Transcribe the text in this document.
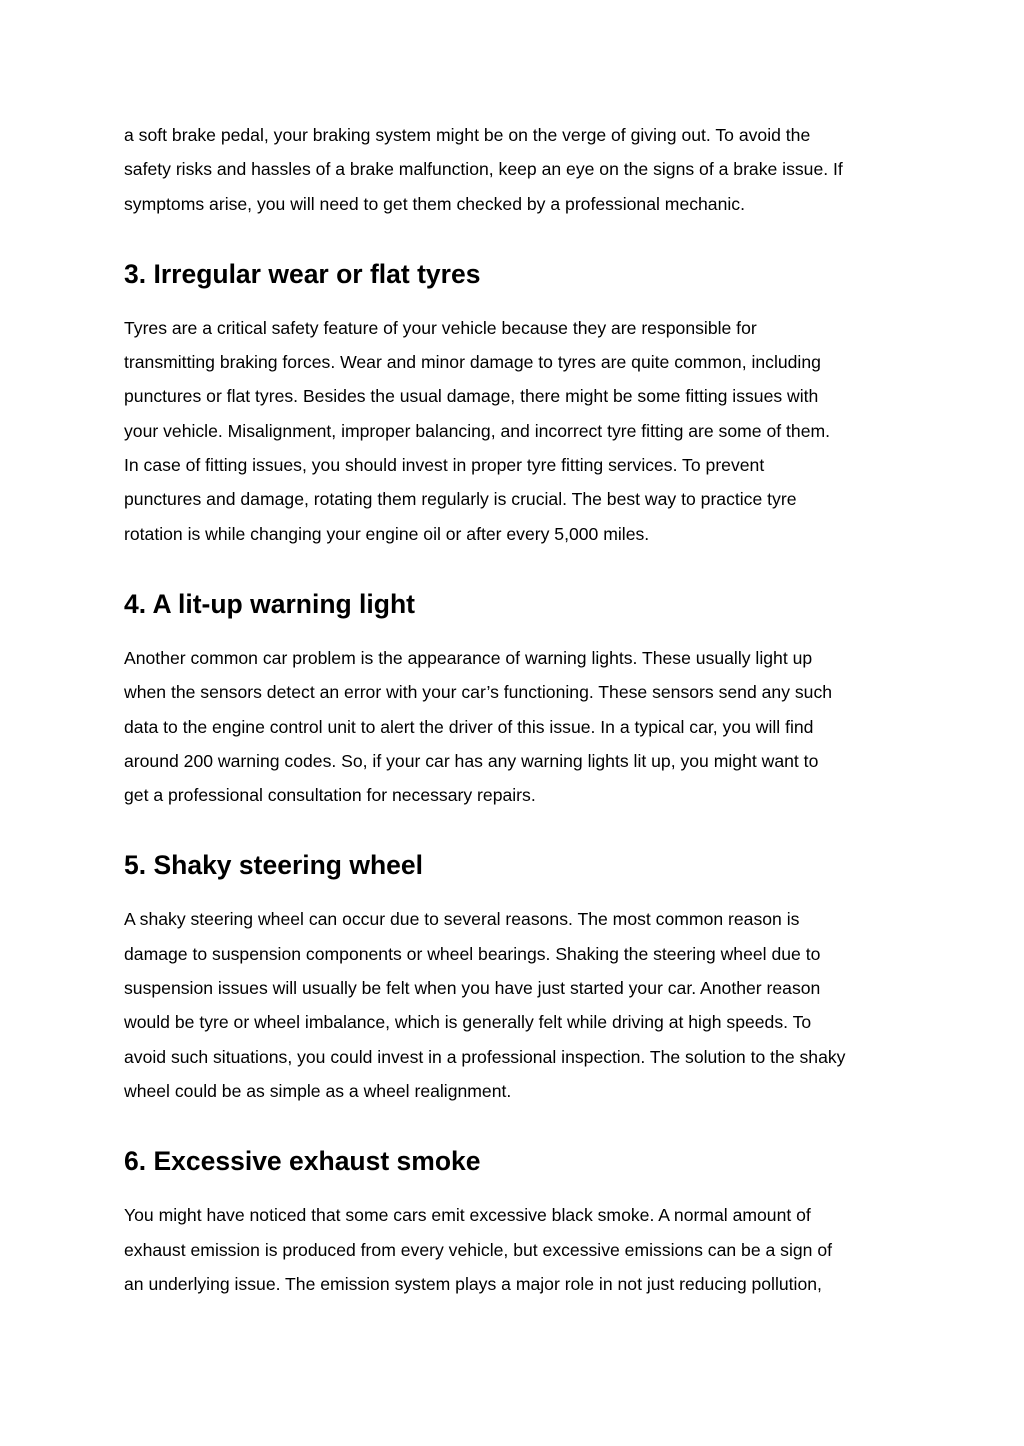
a soft brake pedal, your braking system might be on the verge of giving out. To avoid the
safety risks and hassles of a brake malfunction, keep an eye on the signs of a brake issue. If
symptoms arise, you will need to get them checked by a professional mechanic.

3. Irregular wear or flat tyres

Tyres are a critical safety feature of your vehicle because they are responsible for
transmitting braking forces. Wear and minor damage to tyres are quite common, including
punctures or flat tyres. Besides the usual damage, there might be some fitting issues with
your vehicle. Misalignment, improper balancing, and incorrect tyre fitting are some of them.
In case of fitting issues, you should invest in proper tyre fitting services. To prevent
punctures and damage, rotating them regularly is crucial. The best way to practice tyre
rotation is while changing your engine oil or after every 5,000 miles.

4. A lit-up warning light

Another common car problem is the appearance of warning lights. These usually light up
when the sensors detect an error with your car’s functioning. These sensors send any such
data to the engine control unit to alert the driver of this issue. In a typical car, you will find
around 200 warning codes. So, if your car has any warning lights lit up, you might want to
get a professional consultation for necessary repairs.

5. Shaky steering wheel

A shaky steering wheel can occur due to several reasons. The most common reason is
damage to suspension components or wheel bearings. Shaking the steering wheel due to
suspension issues will usually be felt when you have just started your car. Another reason
would be tyre or wheel imbalance, which is generally felt while driving at high speeds. To
avoid such situations, you could invest in a professional inspection. The solution to the shaky
wheel could be as simple as a wheel realignment.

6. Excessive exhaust smoke

You might have noticed that some cars emit excessive black smoke. A normal amount of
exhaust emission is produced from every vehicle, but excessive emissions can be a sign of
an underlying issue. The emission system plays a major role in not just reducing pollution,
